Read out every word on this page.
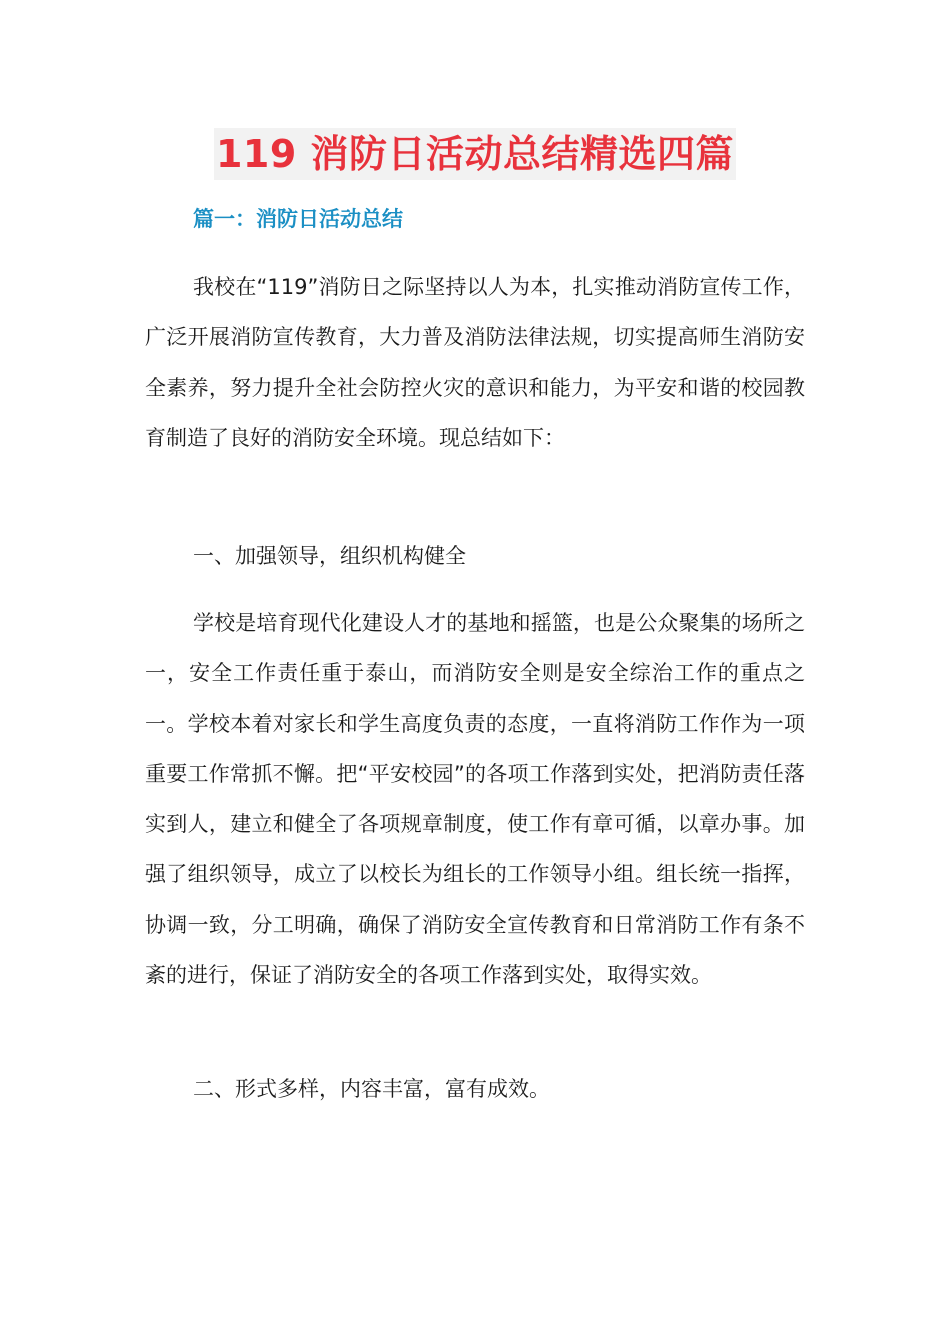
119 消防日活动总结精选四篇
篇一：消防日活动总结

我校在“119”消防日之际坚持以人为本，扎实推动消防宣传工作，广泛开展消防宣传教育，大力普及消防法律法规，切实提高师生消防安全素养，努力提升全社会防控火灾的意识和能力，为平安和谐的校园教育制造了良好的消防安全环境。现总结如下：

一、加强领导，组织机构健全

学校是培育现代化建设人才的基地和摇篮，也是公众聚集的场所之一，安全工作责任重于泰山，而消防安全则是安全综治工作的重点之一。学校本着对家长和学生高度负责的态度，一直将消防工作作为一项重要工作常抓不懈。把“平安校园”的各项工作落到实处，把消防责任落实到人，建立和健全了各项规章制度，使工作有章可循，以章办事。加强了组织领导，成立了以校长为组长的工作领导小组。组长统一指挥，协调一致，分工明确，确保了消防安全宣传教育和日常消防工作有条不紊的进行，保证了消防安全的各项工作落到实处，取得实效。

二、形式多样，内容丰富，富有成效。
